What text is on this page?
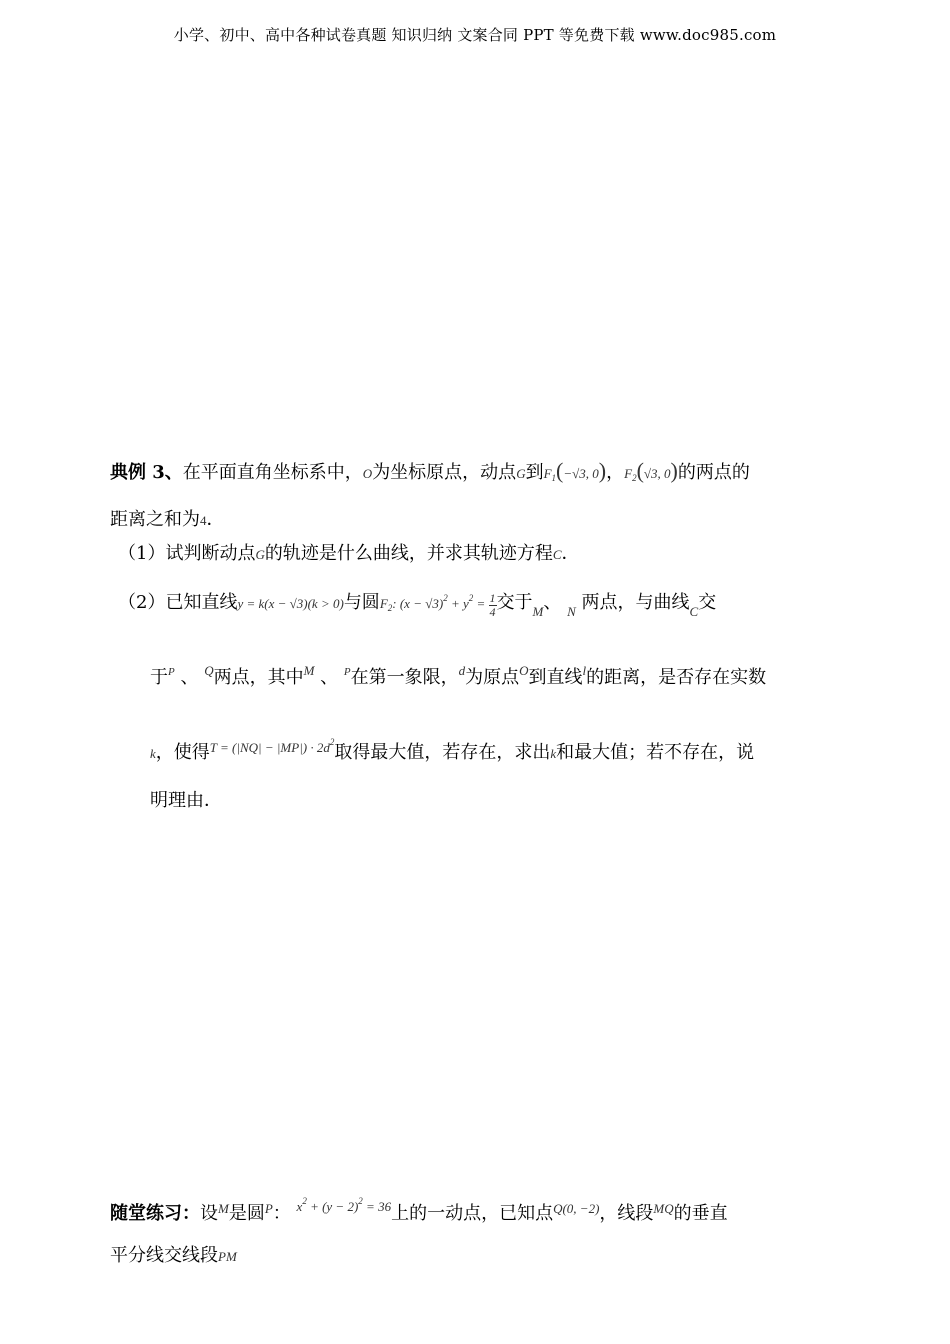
小学、初中、高中各种试卷真题 知识归纳 文案合同 PPT 等免费下载 www.doc985.com
典例 3、在平面直角坐标系中，O为坐标原点，动点G到$F_1(-√3$, 0)，$F_2(√3$, 0)的两点的
距离之和为4．
（1）试判断动点G的轨迹是什么曲线，并求其轨迹方程C．
（2）已知直线y = k(x − √3)(k > 0)与圆$F_2$: $(x - √3)^2 + y^2 = \frac{1}{4}$ 交于$_M$、 $_N$ 两点，与曲线$_C$交
于$^P$ 、 $^Q$两点，其中$^M$ 、 $^P$在第一象限，$^d$为原点$^O$到直线$^l$的距离，是否存在实数
k，使得$^{T = (|NQ| - |MP|) \cdot 2d^2}$取得最大值，若存在，求出k和最大值；若不存在，说
明理由．
随堂练习：设$^M$是圆$^P$： $^{x^2 + (y - 2)^2 = 36}$上的一动点，已知点$^{Q(0, -2)}$，线段$^{MQ}$的垂直
平分线交线段PM
